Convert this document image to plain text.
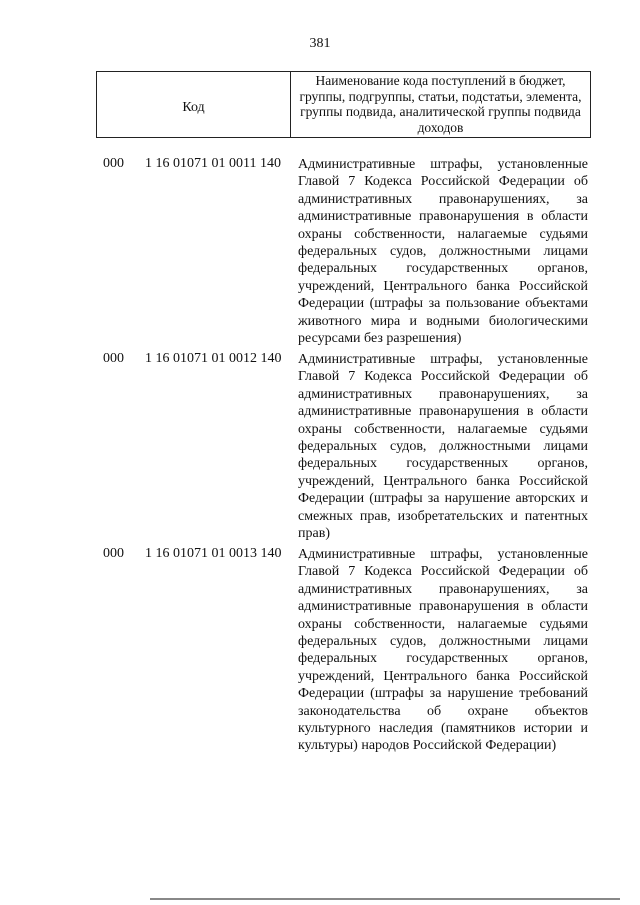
381
Код
Наименование кода поступлений в бюджет, группы, подгруппы, статьи, подстатьи, элемента, группы подвида, аналитической группы подвида доходов
000 1 16 01071 01 0011 140 Административные штрафы, установленные Главой 7 Кодекса Российской Федерации об административных правонарушениях, за административные правонарушения в области охраны собственности, налагаемые судьями федеральных судов, должностными лицами федеральных государственных органов, учреждений, Центрального банка Российской Федерации (штрафы за пользование объектами животного мира и водными биологическими ресурсами без разрешения)
000 1 16 01071 01 0012 140 Административные штрафы, установленные Главой 7 Кодекса Российской Федерации об административных правонарушениях, за административные правонарушения в области охраны собственности, налагаемые судьями федеральных судов, должностными лицами федеральных государственных органов, учреждений, Центрального банка Российской Федерации (штрафы за нарушение авторских и смежных прав, изобретательских и патентных прав)
000 1 16 01071 01 0013 140 Административные штрафы, установленные Главой 7 Кодекса Российской Федерации об административных правонарушениях, за административные правонарушения в области охраны собственности, налагаемые судьями федеральных судов, должностными лицами федеральных государственных органов, учреждений, Центрального банка Российской Федерации (штрафы за нарушение требований законодательства об охране объектов культурного наследия (памятников истории и культуры) народов Российской Федерации)
